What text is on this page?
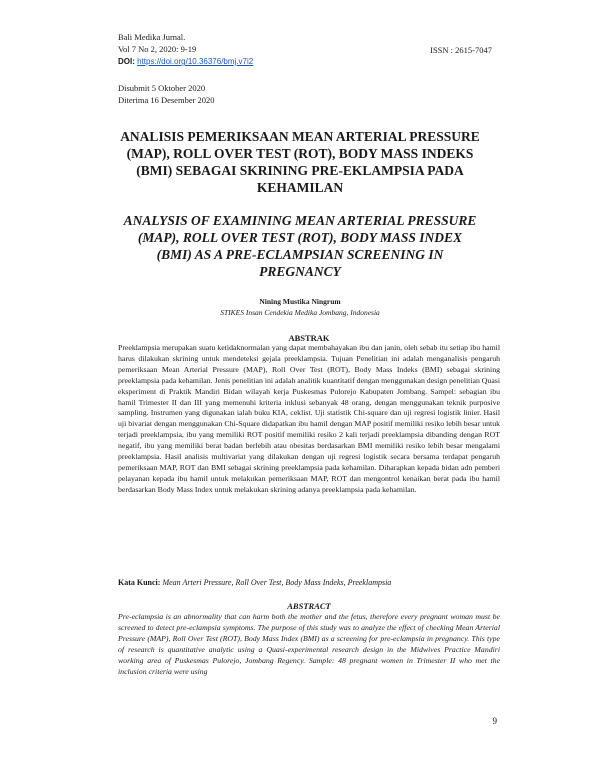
Bali Medika Jurnal.
Vol 7 No 2, 2020: 9-19	ISSN : 2615-7047
DOI: https://doi.org/10.36376/bmj.v7i2
Disubmit 5 Oktober 2020
Diterima 16 Desember 2020
ANALISIS PEMERIKSAAN MEAN ARTERIAL PRESSURE (MAP), ROLL OVER TEST (ROT), BODY MASS INDEKS (BMI) SEBAGAI SKRINING PRE-EKLAMPSIA PADA KEHAMILAN
ANALYSIS OF EXAMINING MEAN ARTERIAL PRESSURE (MAP), ROLL OVER TEST (ROT), BODY MASS INDEX (BMI) AS A PRE-ECLAMPSIAN SCREENING IN PREGNANCY
Nining Mustika Ningrum
STIKES Insan Cendekia Medika Jombang, Indonesia
ABSTRAK

Preeklampsia merupakan suatu ketidaknormalan yang dapat membahayakan ibu dan janin, oleh sebab itu setiap ibu hamil harus dilakukan skrining untuk mendeteksi gejala preeklampsia. Tujuan Penelitian ini adalah menganalisis pengaruh pemeriksaan Mean Arterial Pressure (MAP), Roll Over Test (ROT), Body Mass Indeks (BMI) sebagai skrining preeklampsia pada kehamilan. Jenis penelitian ini adalah analitik kuantitatif dengan menggunakan design penelitian Quasi eksperiment di Praktik Mandiri Bidan wilayah kerja Puskesmas Pulorejo Kabupaten Jombang. Sampel: sebagian ibu hamil Trimester II dan III yang memenuhi kriteria inklusi sebanyak 48 orang, dengan menggunakan teknik purposive sampling. Instrumen yang digunakan ialah buku KIA, ceklist. Uji statistik Chi-square dan uji regresi logistik linier. Hasil uji bivariat dengan menggunakan Chi-Square didapatkan ibu hamil dengan MAP positif memiliki resiko lebih besar untuk terjadi preeklampsia, ibu yang memiliki ROT positif memiliki resiko 2 kali terjadi preeklampsia dibanding dengan ROT negatif, ibu yang memiliki berat badan berlebih atau obesitas berdasarkan BMI memiliki resiko lebih besar mengalami preeklampsia. Hasil analisis multivariat yang dilakukan dengan uji regresi logistik secara bersama terdapat pengaruh pemeriksaan MAP, ROT dan BMI sebagai skrining preeklampsia pada kehamilan. Diharapkan kepada bidan adn pemberi pelayanan kepada ibu hamil untuk melakukan pemeriksaan MAP, ROT dan mengontrol kenaikan berat pada ibu hamil berdasarkan Body Mass Index untuk melakukan skrining adanya preeklampsia pada kehamilan.

Kata Kunci: Mean Arteri Pressure, Roll Over Test, Body Mass Indeks, Preeklampsia
ABSTRACT

Pre-eclampsia is an abnormality that can harm both the mother and the fetus, therefore every pregnant woman must be screened to detect pre-eclampsia symptoms. The purpose of this study was to analyze the effect of checking Mean Arterial Pressure (MAP), Roll Over Test (ROT), Body Mass Index (BMI) as a screening for pre-eclampsia in pregnancy. This type of research is quantitative analytic using a Quasi-experimental research design in the Midwives Practice Mandiri working area of Puskesmas Pulorejo, Jombang Regency. Sample: 48 pregnant women in Trimester II who met the inclusion criteria were using

9
